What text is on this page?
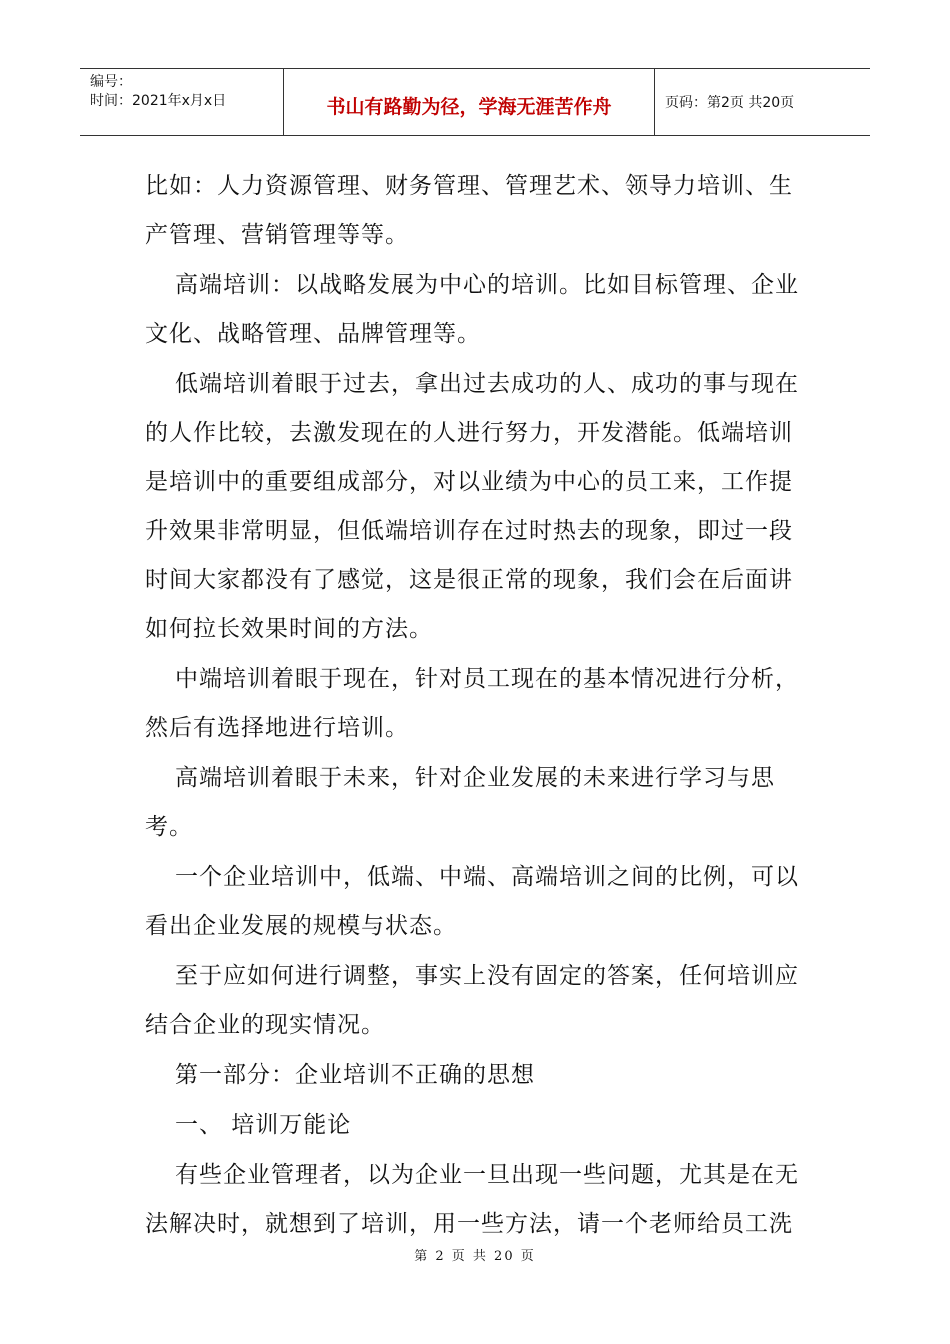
编号：
时间：2021年x月x日	书山有路勤为径，学海无涯苦作舟	页码：第2页 共20页

比如：人力资源管理、财务管理、管理艺术、领导力培训、生产管理、营销管理等等。

高端培训：以战略发展为中心的培训。比如目标管理、企业文化、战略管理、品牌管理等。

低端培训着眼于过去，拿出过去成功的人、成功的事与现在的人作比较，去激发现在的人进行努力，开发潜能。低端培训是培训中的重要组成部分，对以业绩为中心的员工来，工作提升效果非常明显，但低端培训存在过时热去的现象，即过一段时间大家都没有了感觉，这是很正常的现象，我们会在后面讲如何拉长效果时间的方法。

中端培训着眼于现在，针对员工现在的基本情况进行分析，然后有选择地进行培训。

高端培训着眼于未来，针对企业发展的未来进行学习与思考。

一个企业培训中，低端、中端、高端培训之间的比例，可以看出企业发展的规模与状态。

至于应如何进行调整，事实上没有固定的答案，任何培训应结合企业的现实情况。

第一部分：企业培训不正确的思想

一、 培训万能论

有些企业管理者，以为企业一旦出现一些问题，尤其是在无法解决时，就想到了培训，用一些方法，请一个老师给员工洗

第 2 页 共 20 页
